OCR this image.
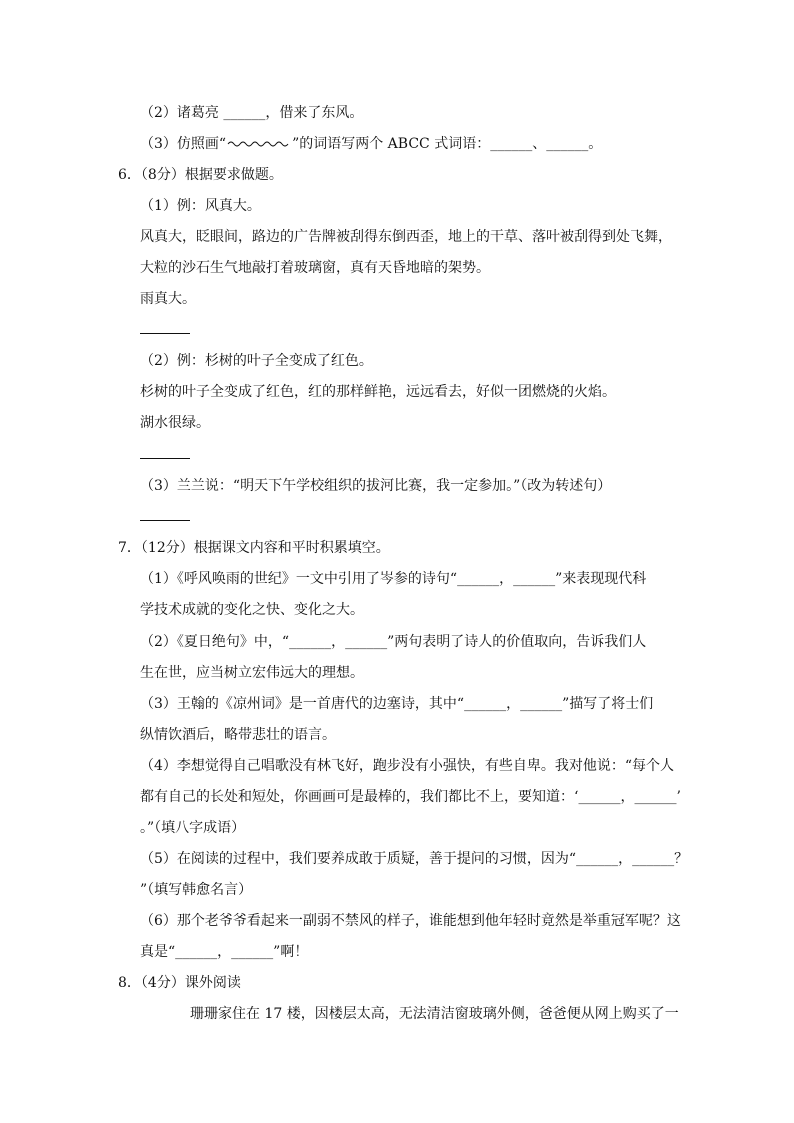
（2）诸葛亮 ______，借来了东风。
（3）仿照画“	”的词语写两个 ABCC 式词语：______、______。
6．（8分）根据要求做题。
（1）例：风真大。
风真大，眨眼间，路边的广告牌被刮得东倒西歪，地上的干草、落叶被刮得到处飞舞，
大粒的沙石生气地敲打着玻璃窗，真有天昏地暗的架势。
雨真大。
（2）例：杉树的叶子全变成了红色。
杉树的叶子全变成了红色，红的那样鲜艳，远远看去，好似一团燃烧的火焰。
湖水很绿。
（3）兰兰说：“明天下午学校组织的拔河比赛，我一定参加。”（改为转述句）
7．（12分）根据课文内容和平时积累填空。
（1）《呼风唤雨的世纪》一文中引用了岑参的诗句“______，______”来表现现代科
学技术成就的变化之快、变化之大。
（2）《夏日绝句》中，“______，______”两句表明了诗人的价值取向，告诉我们人
生在世，应当树立宏伟远大的理想。
（3）王翰的《凉州词》是一首唐代的边塞诗，其中“______，______”描写了将士们
纵情饮酒后，略带悲壮的语言。
（4）李想觉得自己唱歌没有林飞好，跑步没有小强快，有些自卑。我对他说：“每个人
都有自己的长处和短处，你画画可是最棒的，我们都比不上，要知道：‘______，______’
。”（填八字成语）
（5）在阅读的过程中，我们要养成敢于质疑，善于提问的习惯，因为“______，______？
”（填写韩愈名言）
（6）那个老爷爷看起来一副弱不禁风的样子，谁能想到他年轻时竟然是举重冠军呢？这
真是“______，______”啊！
8．（4分）课外阅读
珊珊家住在 17 楼，因楼层太高，无法清洁窗玻璃外侧，爸爸便从网上购买了一
